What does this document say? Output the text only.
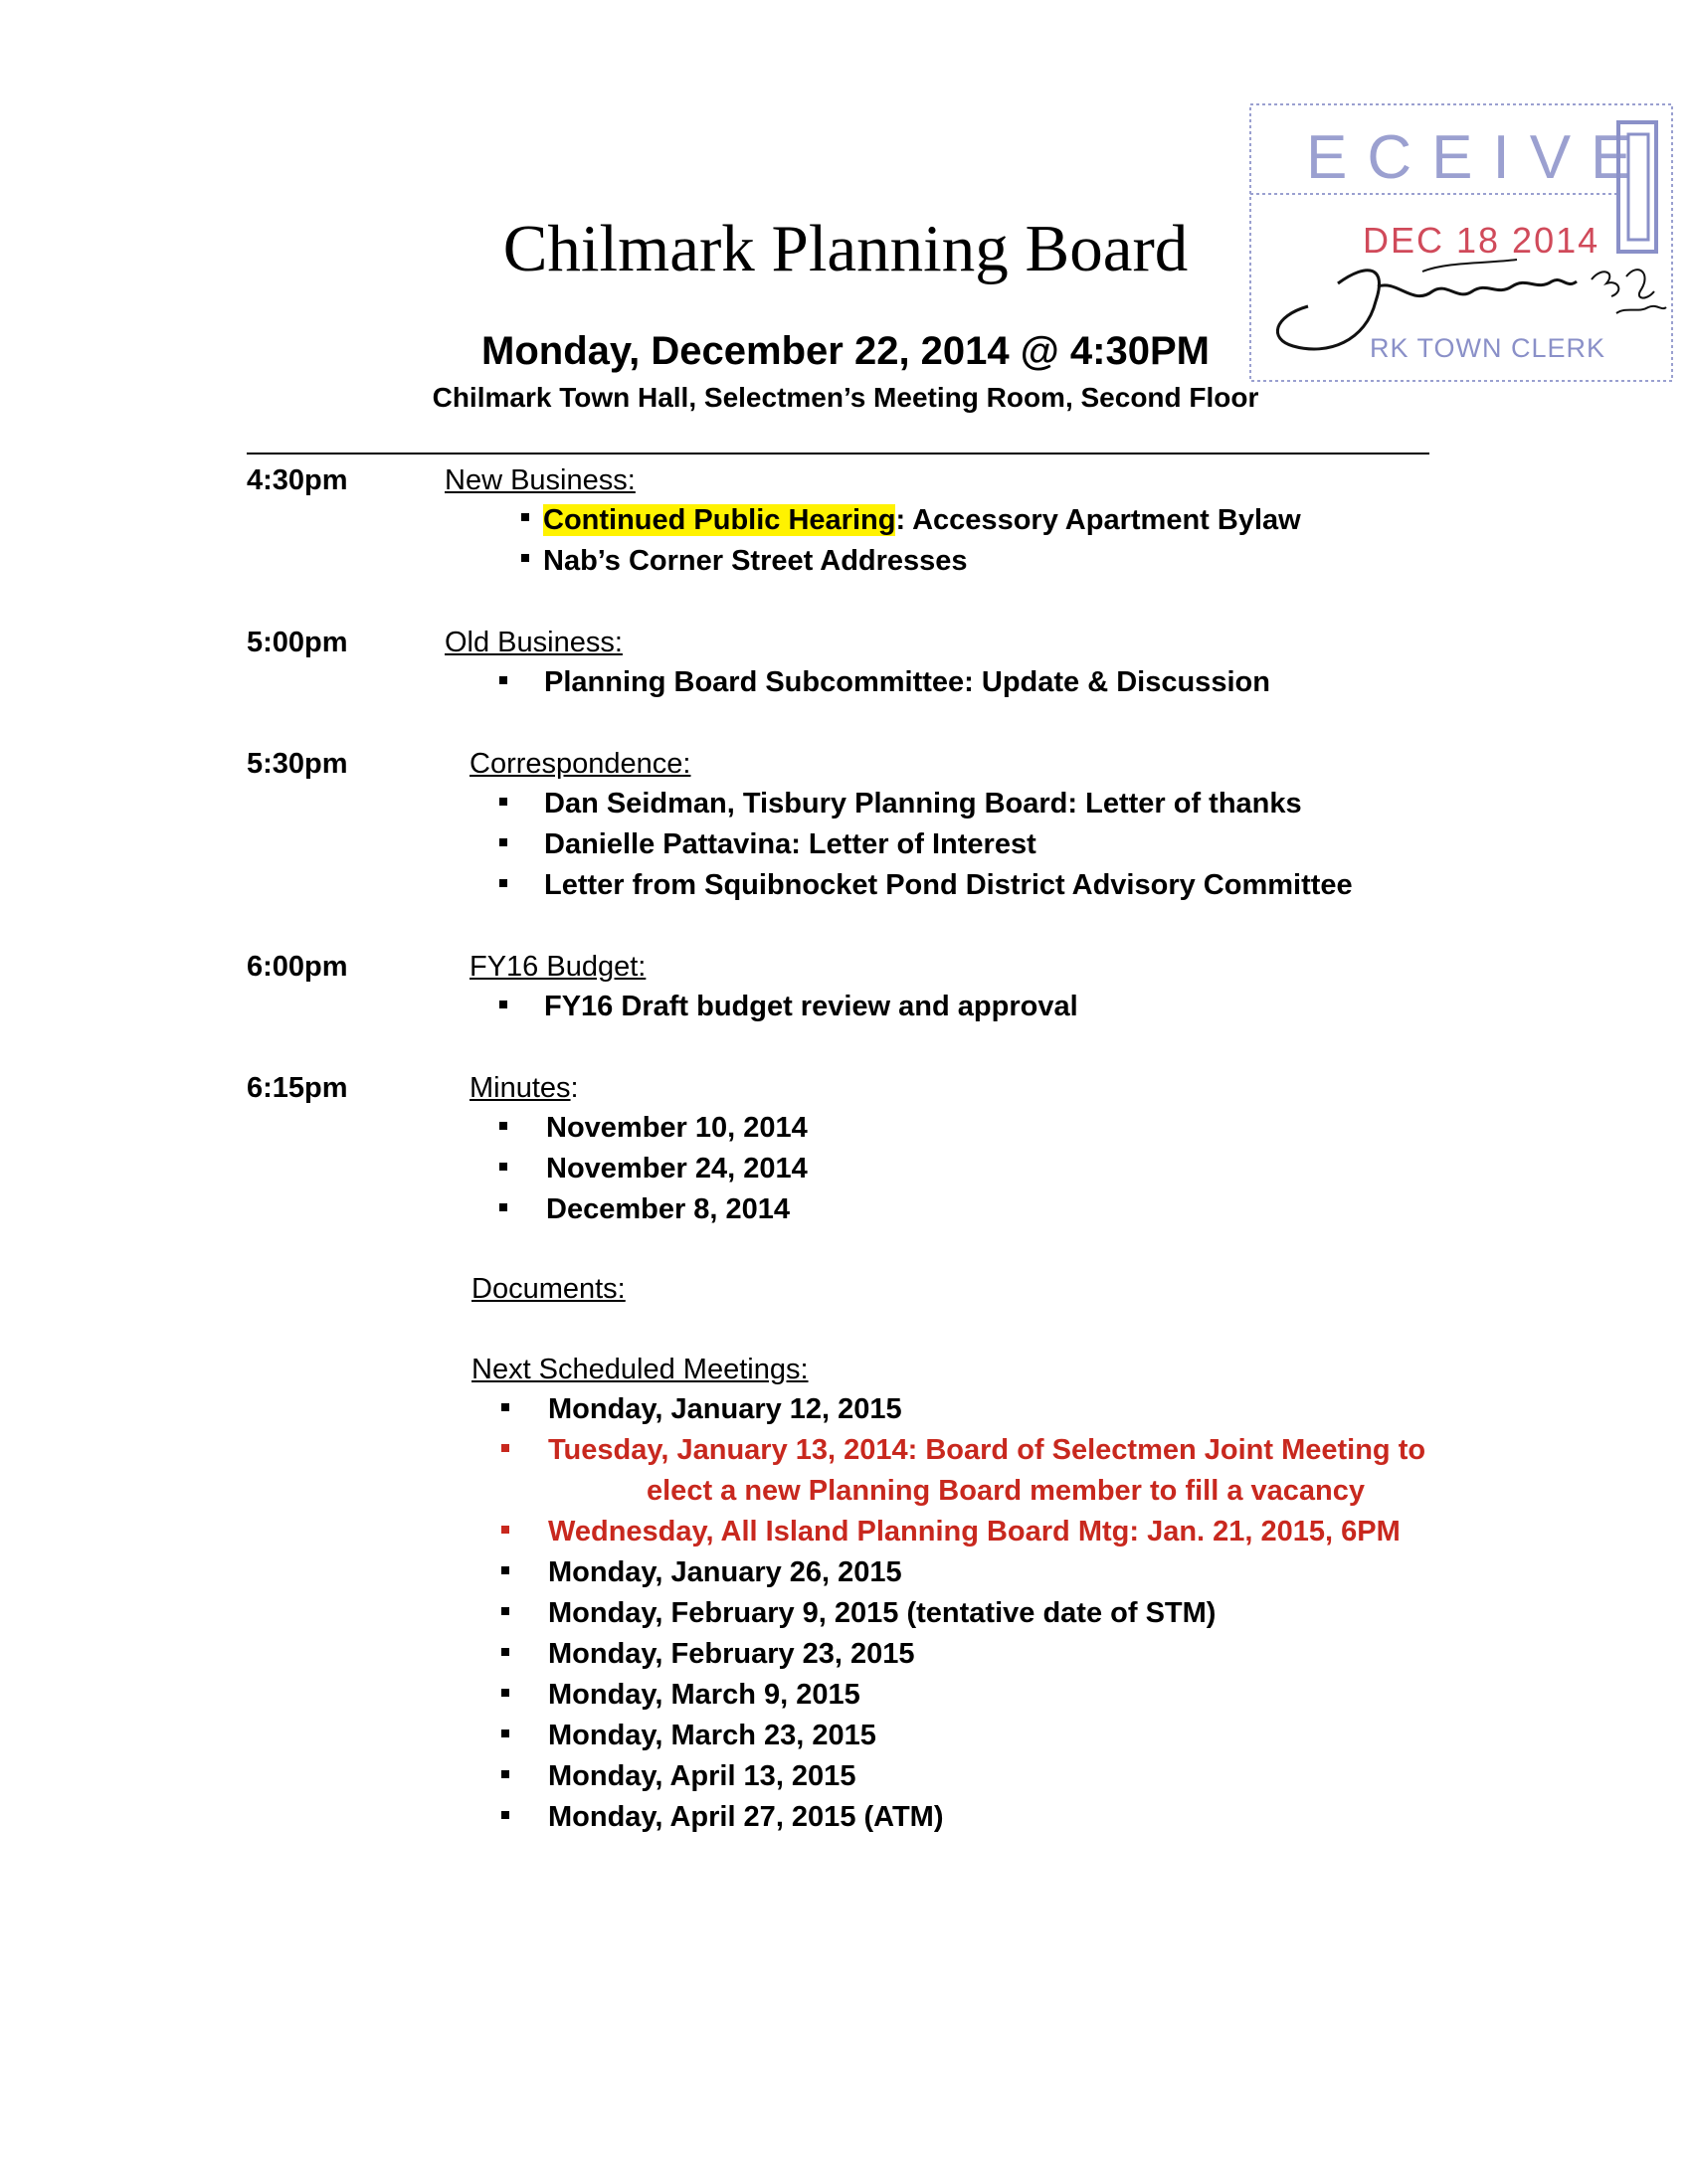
Chilmark Planning Board
Monday, December 22, 2014 @ 4:30PM
Chilmark Town Hall, Selectmen’s Meeting Room, Second Floor
ECEIVE
DEC 18 2014
RK TOWN CLERK
4:30pm	New Business:
Continued Public Hearing: Accessory Apartment Bylaw
Nab’s Corner Street Addresses
5:00pm	Old Business:
Planning Board Subcommittee: Update & Discussion
5:30pm	Correspondence:
Dan Seidman, Tisbury Planning Board: Letter of thanks
Danielle Pattavina: Letter of Interest
Letter from Squibnocket Pond District Advisory Committee
6:00pm	FY16 Budget:
FY16 Draft budget review and approval
6:15pm	Minutes:
November 10, 2014
November 24, 2014
December 8, 2014
Documents:
Next Scheduled Meetings:
Monday, January 12, 2015
Tuesday, January 13, 2014: Board of Selectmen Joint Meeting to
elect a new Planning Board member to fill a vacancy
Wednesday, All Island Planning Board Mtg: Jan. 21, 2015, 6PM
Monday, January 26, 2015
Monday, February 9, 2015 (tentative date of STM)
Monday, February 23, 2015
Monday, March 9, 2015
Monday, March 23, 2015
Monday, April 13, 2015
Monday, April 27, 2015 (ATM)
